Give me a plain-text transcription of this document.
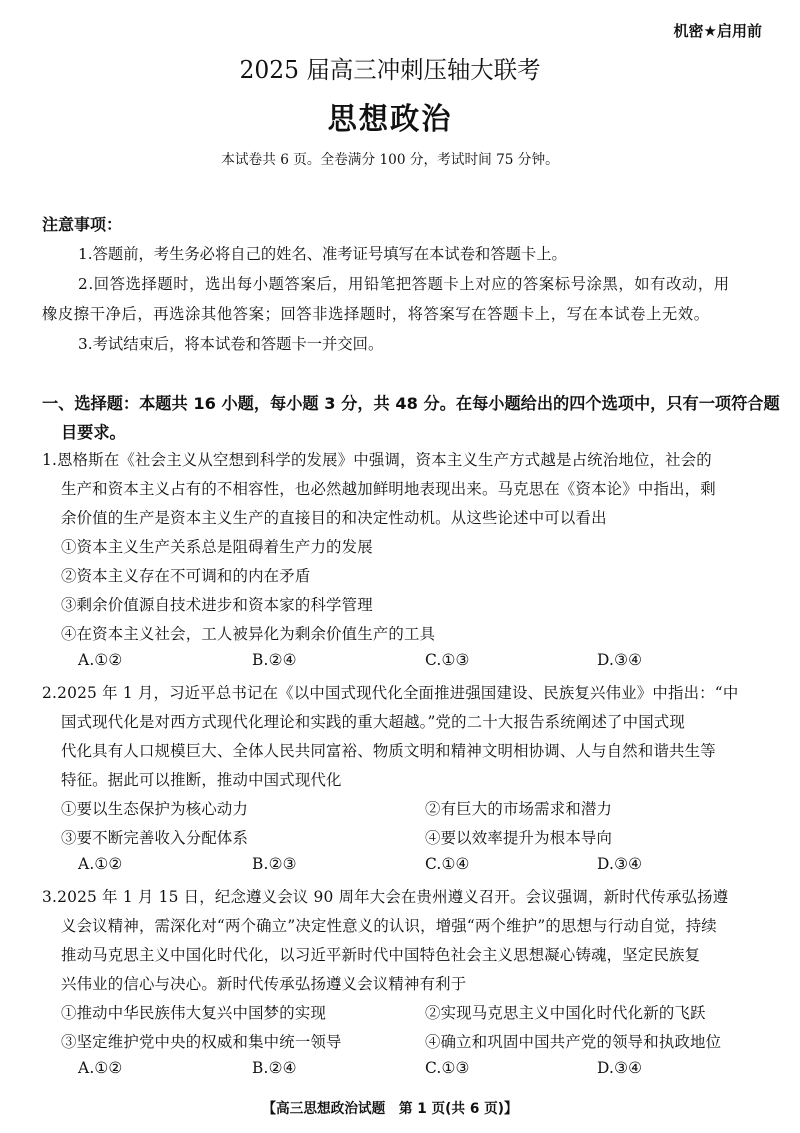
机密★启用前
2025 届高三冲刺压轴大联考
思想政治
本试卷共 6 页。全卷满分 100 分，考试时间 75 分钟。
注意事项：
1.答题前，考生务必将自己的姓名、准考证号填写在本试卷和答题卡上。
2.回答选择题时，选出每小题答案后，用铅笔把答题卡上对应的答案标号涂黑，如有改动，用
橡皮擦干净后，再选涂其他答案；回答非选择题时，将答案写在答题卡上，写在本试卷上无效。
3.考试结束后，将本试卷和答题卡一并交回。
一、选择题：本题共 16 小题，每小题 3 分，共 48 分。在每小题给出的四个选项中，只有一项符合题
目要求。
1.恩格斯在《社会主义从空想到科学的发展》中强调，资本主义生产方式越是占统治地位，社会的
生产和资本主义占有的不相容性，也必然越加鲜明地表现出来。马克思在《资本论》中指出，剩
余价值的生产是资本主义生产的直接目的和决定性动机。从这些论述中可以看出
①资本主义生产关系总是阻碍着生产力的发展
②资本主义存在不可调和的内在矛盾
③剩余价值源自技术进步和资本家的科学管理
④在资本主义社会，工人被异化为剩余价值生产的工具
A.①②	B.②④	C.①③	D.③④
2.2025 年 1 月，习近平总书记在《以中国式现代化全面推进强国建设、民族复兴伟业》中指出：“中
国式现代化是对西方式现代化理论和实践的重大超越。”党的二十大报告系统阐述了中国式现
代化具有人口规模巨大、全体人民共同富裕、物质文明和精神文明相协调、人与自然和谐共生等
特征。据此可以推断，推动中国式现代化
①要以生态保护为核心动力	②有巨大的市场需求和潜力
③要不断完善收入分配体系	④要以效率提升为根本导向
A.①②	B.②③	C.①④	D.③④
3.2025 年 1 月 15 日，纪念遵义会议 90 周年大会在贵州遵义召开。会议强调，新时代传承弘扬遵
义会议精神，需深化对“两个确立”决定性意义的认识，增强“两个维护”的思想与行动自觉，持续
推动马克思主义中国化时代化，以习近平新时代中国特色社会主义思想凝心铸魂，坚定民族复
兴伟业的信心与决心。新时代传承弘扬遵义会议精神有利于
①推动中华民族伟大复兴中国梦的实现	②实现马克思主义中国化时代化新的飞跃
③坚定维护党中央的权威和集中统一领导	④确立和巩固中国共产党的领导和执政地位
A.①②	B.②④	C.①③	D.③④
【高三思想政治试题　第 1 页(共 6 页)】
